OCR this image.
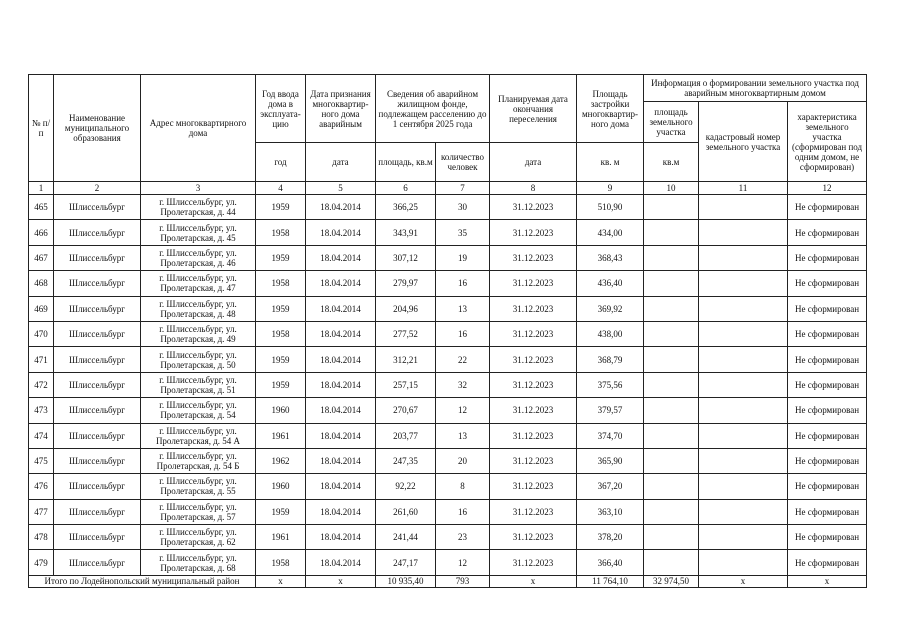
№ п/п	Наименование муниципального образования	Адрес многоквартирного дома	Год ввода дома в эксплуата-цию	Дата признания многоквартир-ного дома аварийным	Сведения об аварийном жилищном фонде, подлежащем расселению до 1 сентября 2025 года		Планируемая дата окончания переселения	Площадь застройки многоквартир-ного дома	Информация о формировании земельного участка под аварийным многоквартирным домом		
									площадь земельного участка	кадастровый номер земельного участка	характеристика земельного участка (сформирован под одним домом, не сформирован)
			год	дата	площадь, кв.м	количество человек	дата	кв. м	кв.м		
1	2	3	4	5	6	7	8	9	10	11	12
465	Шлиссельбург	г. Шлиссельбург, ул. Пролетарская, д. 44	1959	18.04.2014	366,25	30	31.12.2023	510,90			Не сформирован
466	Шлиссельбург	г. Шлиссельбург, ул. Пролетарская, д. 45	1958	18.04.2014	343,91	35	31.12.2023	434,00			Не сформирован
467	Шлиссельбург	г. Шлиссельбург, ул. Пролетарская, д. 46	1959	18.04.2014	307,12	19	31.12.2023	368,43			Не сформирован
468	Шлиссельбург	г. Шлиссельбург, ул. Пролетарская, д. 47	1958	18.04.2014	279,97	16	31.12.2023	436,40			Не сформирован
469	Шлиссельбург	г. Шлиссельбург, ул. Пролетарская, д. 48	1959	18.04.2014	204,96	13	31.12.2023	369,92			Не сформирован
470	Шлиссельбург	г. Шлиссельбург, ул. Пролетарская, д. 49	1958	18.04.2014	277,52	16	31.12.2023	438,00			Не сформирован
471	Шлиссельбург	г. Шлиссельбург, ул. Пролетарская, д. 50	1959	18.04.2014	312,21	22	31.12.2023	368,79			Не сформирован
472	Шлиссельбург	г. Шлиссельбург, ул. Пролетарская, д. 51	1959	18.04.2014	257,15	32	31.12.2023	375,56			Не сформирован
473	Шлиссельбург	г. Шлиссельбург, ул. Пролетарская, д. 54	1960	18.04.2014	270,67	12	31.12.2023	379,57			Не сформирован
474	Шлиссельбург	г. Шлиссельбург, ул. Пролетарская, д. 54 А	1961	18.04.2014	203,77	13	31.12.2023	374,70			Не сформирован
475	Шлиссельбург	г. Шлиссельбург, ул. Пролетарская, д. 54 Б	1962	18.04.2014	247,35	20	31.12.2023	365,90			Не сформирован
476	Шлиссельбург	г. Шлиссельбург, ул. Пролетарская, д. 55	1960	18.04.2014	92,22	8	31.12.2023	367,20			Не сформирован
477	Шлиссельбург	г. Шлиссельбург, ул. Пролетарская, д. 57	1959	18.04.2014	261,60	16	31.12.2023	363,10			Не сформирован
478	Шлиссельбург	г. Шлиссельбург, ул. Пролетарская, д. 62	1961	18.04.2014	241,44	23	31.12.2023	378,20			Не сформирован
479	Шлиссельбург	г. Шлиссельбург, ул. Пролетарская, д. 68	1958	18.04.2014	247,17	12	31.12.2023	366,40			Не сформирован
Итого по Лодейнопольский муниципальный район			x	x	10 935,40	793	x	11 764,10	32 974,50	x	x
